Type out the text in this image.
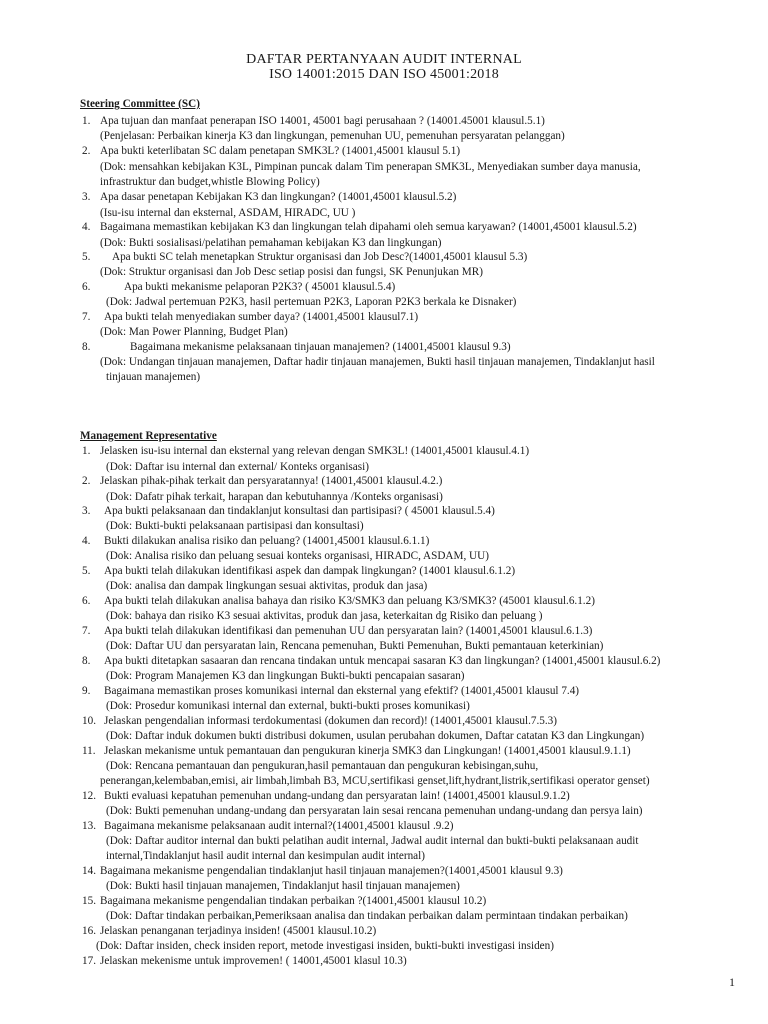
DAFTAR PERTANYAAN AUDIT INTERNAL
ISO 14001:2015 DAN ISO 45001:2018
Steering Committee (SC)
1. Apa tujuan dan manfaat penerapan ISO 14001, 45001 bagi perusahaan ? (14001.45001 klausul.5.1)
(Penjelasan: Perbaikan kinerja K3 dan lingkungan, pemenuhan UU, pemenuhan persyaratan pelanggan)
2. Apa bukti keterlibatan SC dalam penetapan SMK3L? (14001,45001 klausul 5.1)
(Dok: mensahkan kebijakan K3L, Pimpinan puncak dalam Tim penerapan SMK3L, Menyediakan sumber daya manusia,
infrastruktur dan budget,whistle Blowing Policy)
3. Apa dasar penetapan Kebijakan K3 dan lingkungan? (14001,45001 klausul.5.2)
(Isu-isu internal dan eksternal, ASDAM, HIRADC, UU )
4. Bagaimana memastikan kebijakan K3 dan lingkungan telah dipahami oleh semua karyawan? (14001,45001 klausul.5.2)
(Dok: Bukti sosialisasi/pelatihan pemahaman kebijakan K3 dan lingkungan)
5. Apa bukti SC telah menetapkan Struktur organisasi dan Job Desc?(14001,45001 klausul 5.3)
(Dok: Struktur organisasi dan Job Desc setiap posisi dan fungsi, SK Penunjukan MR)
6.	Apa bukti mekanisme pelaporan P2K3? ( 45001 klausul.5.4)
(Dok: Jadwal pertemuan P2K3, hasil pertemuan P2K3, Laporan P2K3 berkala ke Disnaker)
7. Apa bukti telah menyediakan sumber daya? (14001,45001 klausul7.1)
(Dok: Man Power Planning, Budget Plan)
8.	Bagaimana mekanisme pelaksanaan tinjauan manajemen? (14001,45001 klausul 9.3)
(Dok: Undangan tinjauan manajemen, Daftar hadir tinjauan manajemen, Bukti hasil tinjauan manajemen, Tindaklanjut hasil
tinjauan manajemen)
Management Representative
1. Jelasken isu-isu internal dan eksternal yang relevan dengan SMK3L! (14001,45001 klausul.4.1)
(Dok: Daftar isu internal dan external/ Konteks organisasi)
2. Jelaskan pihak-pihak terkait dan persyaratannya! (14001,45001 klausul.4.2.)
(Dok: Dafatr pihak terkait, harapan dan kebutuhannya /Konteks organisasi)
3. Apa bukti pelaksanaan dan tindaklanjut konsultasi dan partisipasi? ( 45001 klausul.5.4)
(Dok: Bukti-bukti pelaksanaan partisipasi dan konsultasi)
4. Bukti dilakukan analisa risiko dan peluang? (14001,45001 klausul.6.1.1)
(Dok: Analisa risiko dan peluang sesuai konteks organisasi, HIRADC, ASDAM, UU)
5. Apa bukti telah dilakukan identifikasi aspek dan dampak lingkungan? (14001 klausul.6.1.2)
(Dok: analisa dan dampak lingkungan sesuai aktivitas, produk dan jasa)
6. Apa bukti telah dilakukan analisa bahaya dan risiko K3/SMK3 dan peluang K3/SMK3? (45001 klausul.6.1.2)
(Dok: bahaya dan risiko K3 sesuai aktivitas, produk dan jasa, keterkaitan dg Risiko dan peluang )
7. Apa bukti telah dilakukan identifikasi dan pemenuhan UU dan persyaratan lain? (14001,45001 klausul.6.1.3)
(Dok: Daftar UU dan persyaratan lain, Rencana pemenuhan, Bukti Pemenuhan, Bukti pemantauan keterkinian)
8. Apa bukti ditetapkan sasaaran dan rencana tindakan untuk mencapai sasaran K3 dan lingkungan? (14001,45001 klausul.6.2)
(Dok: Program Manajemen K3 dan lingkungan Bukti-bukti pencapaian sasaran)
9. Bagaimana memastikan proses komunikasi internal dan eksternal yang efektif? (14001,45001 klausul 7.4)
(Dok: Prosedur komunikasi internal dan external, bukti-bukti proses komunikasi)
10. Jelaskan pengendalian informasi terdokumentasi (dokumen dan record)! (14001,45001 klausul.7.5.3)
(Dok: Daftar induk dokumen bukti distribusi dokumen, usulan perubahan dokumen, Daftar catatan K3 dan Lingkungan)
11. Jelaskan mekanisme untuk pemantauan dan pengukuran kinerja SMK3 dan Lingkungan! (14001,45001 klausul.9.1.1)
(Dok: Rencana pemantauan dan pengukuran,hasil pemantauan dan pengukuran kebisingan,suhu,
penerangan,kelembaban,emisi, air limbah,limbah B3, MCU,sertifikasi genset,lift,hydrant,listrik,sertifikasi operator genset)
12. Bukti evaluasi kepatuhan pemenuhan undang-undang dan persyaratan lain! (14001,45001 klausul.9.1.2)
(Dok: Bukti pemenuhan undang-undang dan persyaratan lain sesai rencana pemenuhan undang-undang dan persya lain)
13. Bagaimana mekanisme pelaksanaan audit internal?(14001,45001 klausul .9.2)
(Dok: Daftar auditor internal dan bukti pelatihan audit internal, Jadwal audit internal dan bukti-bukti pelaksanaan audit
internal,Tindaklanjut hasil audit internal dan kesimpulan audit internal)
14. Bagaimana mekanisme pengendalian tindaklanjut hasil tinjauan manajemen?(14001,45001 klausul 9.3)
(Dok: Bukti hasil tinjauan manajemen, Tindaklanjut hasil tinjauan manajemen)
15. Bagaimana mekanisme pengendalian tindakan perbaikan ?(14001,45001 klausul 10.2)
(Dok: Daftar tindakan perbaikan,Pemeriksaan analisa dan tindakan perbaikan dalam permintaan tindakan perbaikan)
16. Jelaskan penanganan terjadinya insiden! (45001 klausul.10.2)
(Dok: Daftar insiden, check insiden report, metode investigasi insiden, bukti-bukti investigasi insiden)
17. Jelaskan mekenisme untuk improvemen! ( 14001,45001 klasul 10.3)
1
